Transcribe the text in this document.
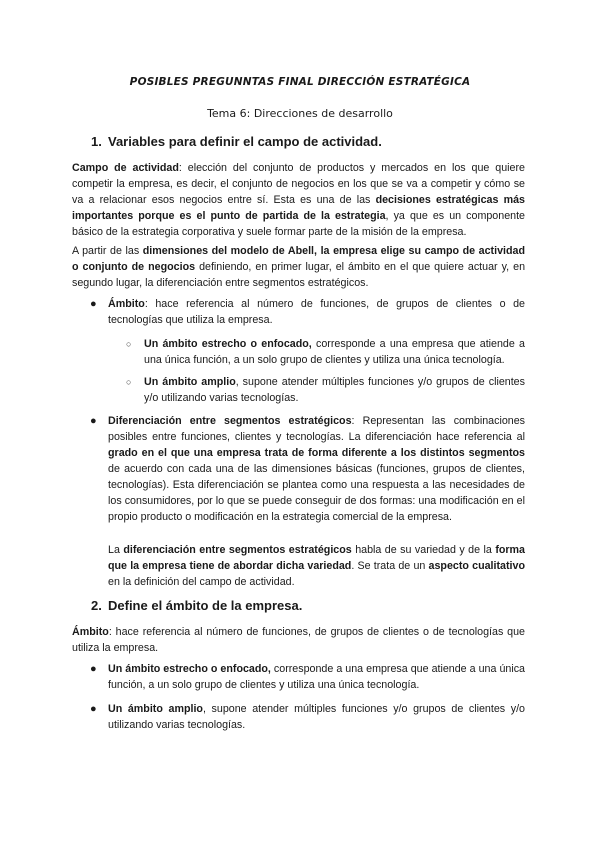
POSIBLES PREGUNNTAS FINAL DIRECCIÓN ESTRATÉGICA
Tema 6: Direcciones de desarrollo
1. Variables para definir el campo de actividad.

Campo de actividad: elección del conjunto de productos y mercados en los que quiere competir la empresa, es decir, el conjunto de negocios en los que se va a competir y cómo se va a relacionar esos negocios entre sí. Esta es una de las decisiones estratégicas más importantes porque es el punto de partida de la estrategia, ya que es un componente básico de la estrategia corporativa y suele formar parte de la misión de la empresa.

A partir de las dimensiones del modelo de Abell, la empresa elige su campo de actividad o conjunto de negocios definiendo, en primer lugar, el ámbito en el que quiere actuar y, en segundo lugar, la diferenciación entre segmentos estratégicos.

● Ámbito: hace referencia al número de funciones, de grupos de clientes o de tecnologías que utiliza la empresa.

○ Un ámbito estrecho o enfocado, corresponde a una empresa que atiende a una única función, a un solo grupo de clientes y utiliza una única tecnología.

○ Un ámbito amplio, supone atender múltiples funciones y/o grupos de clientes y/o utilizando varias tecnologías.

● Diferenciación entre segmentos estratégicos: Representan las combinaciones posibles entre funciones, clientes y tecnologías. La diferenciación hace referencia al grado en el que una empresa trata de forma diferente a los distintos segmentos de acuerdo con cada una de las dimensiones básicas (funciones, grupos de clientes, tecnologías). Esta diferenciación se plantea como una respuesta a las necesidades de los consumidores, por lo que se puede conseguir de dos formas: una modificación en el propio producto o modificación en la estrategia comercial de la empresa.

La diferenciación entre segmentos estratégicos habla de su variedad y de la forma que la empresa tiene de abordar dicha variedad. Se trata de un aspecto cualitativo en la definición del campo de actividad.

2. Define el ámbito de la empresa.

Ámbito: hace referencia al número de funciones, de grupos de clientes o de tecnologías que utiliza la empresa.

● Un ámbito estrecho o enfocado, corresponde a una empresa que atiende a una única función, a un solo grupo de clientes y utiliza una única tecnología.

● Un ámbito amplio, supone atender múltiples funciones y/o grupos de clientes y/o utilizando varias tecnologías.
